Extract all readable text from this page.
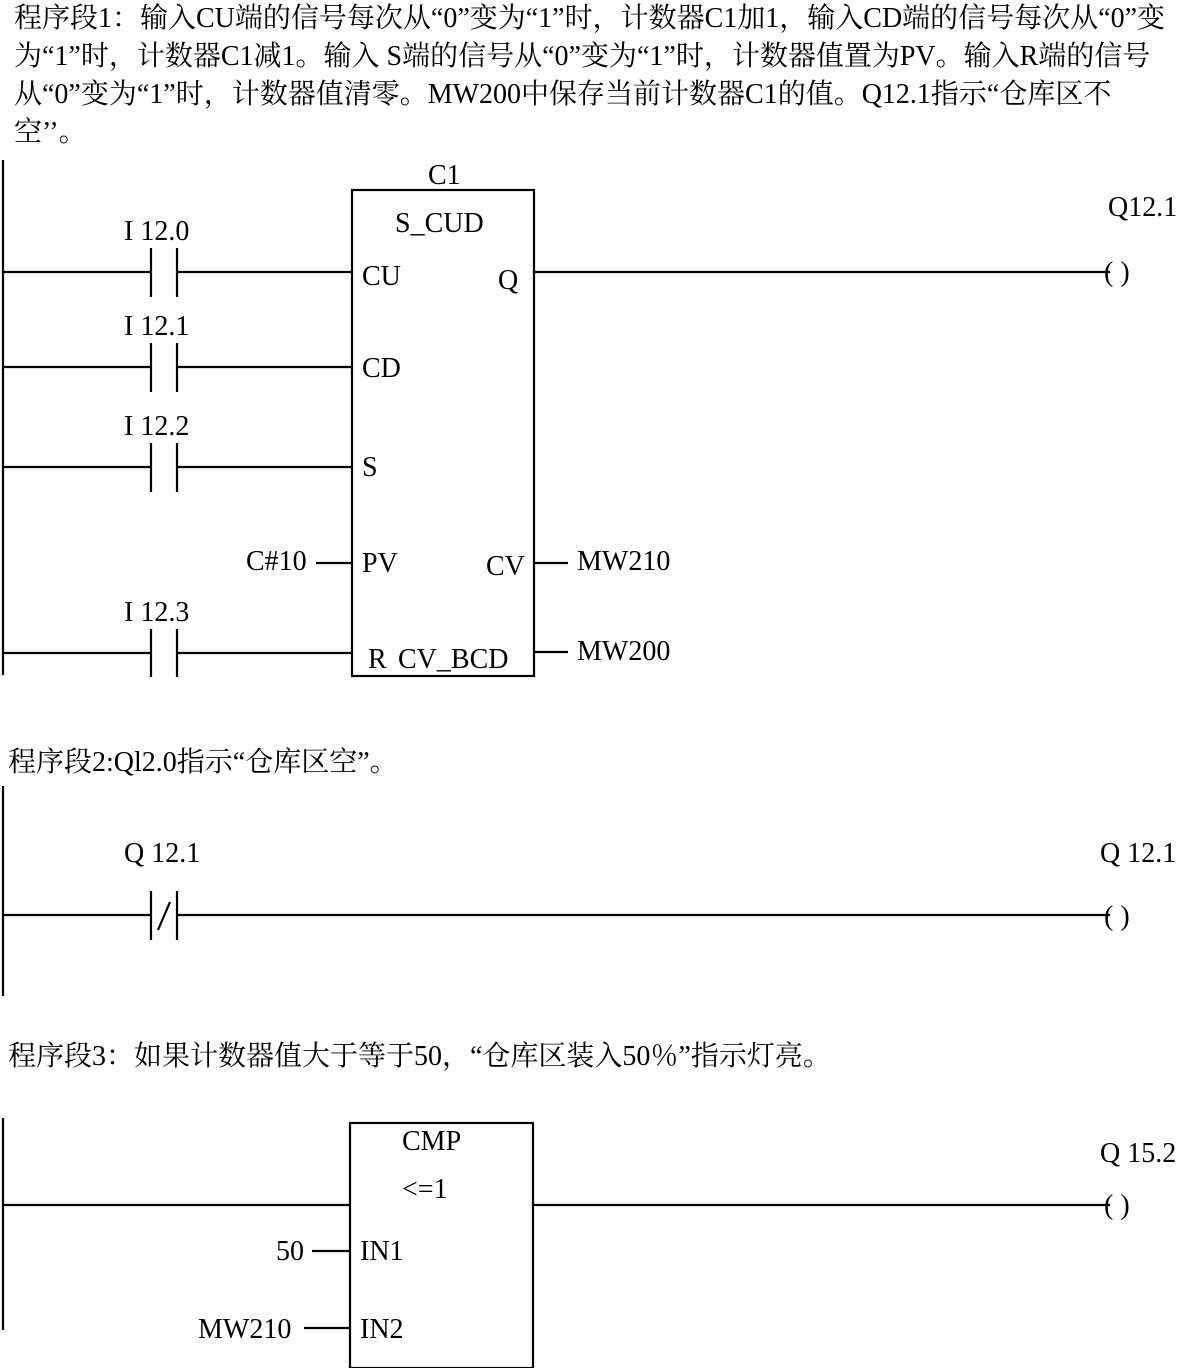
程序段1：输入CU端的信号每次从“0”变为“1”时，计数器C1加1，输入CD端的信号每次从“0”变为“1”时，计数器C1减1。输入 S端的信号从“0”变为“1”时，计数器值置为PV。输入R端的信号从“0”变为“1”时，计数器值清零。MW200中保存当前计数器C1的值。Q12.1指示“仓库区不空’’。
程序段2:Ql2.0指示“仓库区空”。
程序段3：如果计数器值大于等于50，“仓库区装入50％”指示灯亮。
I 12.0
I 12.1
I 12.2
I 12.3
C1
S_CUD
CU
CD
S
PV
R
Q
CV
CV_BCD
C#10	MW210
MW200
Q12.1
( )
Q 12.1	Q 12.1
( )
CMP
<=1
IN1
IN2
50
MW210
Q 15.2
( )
